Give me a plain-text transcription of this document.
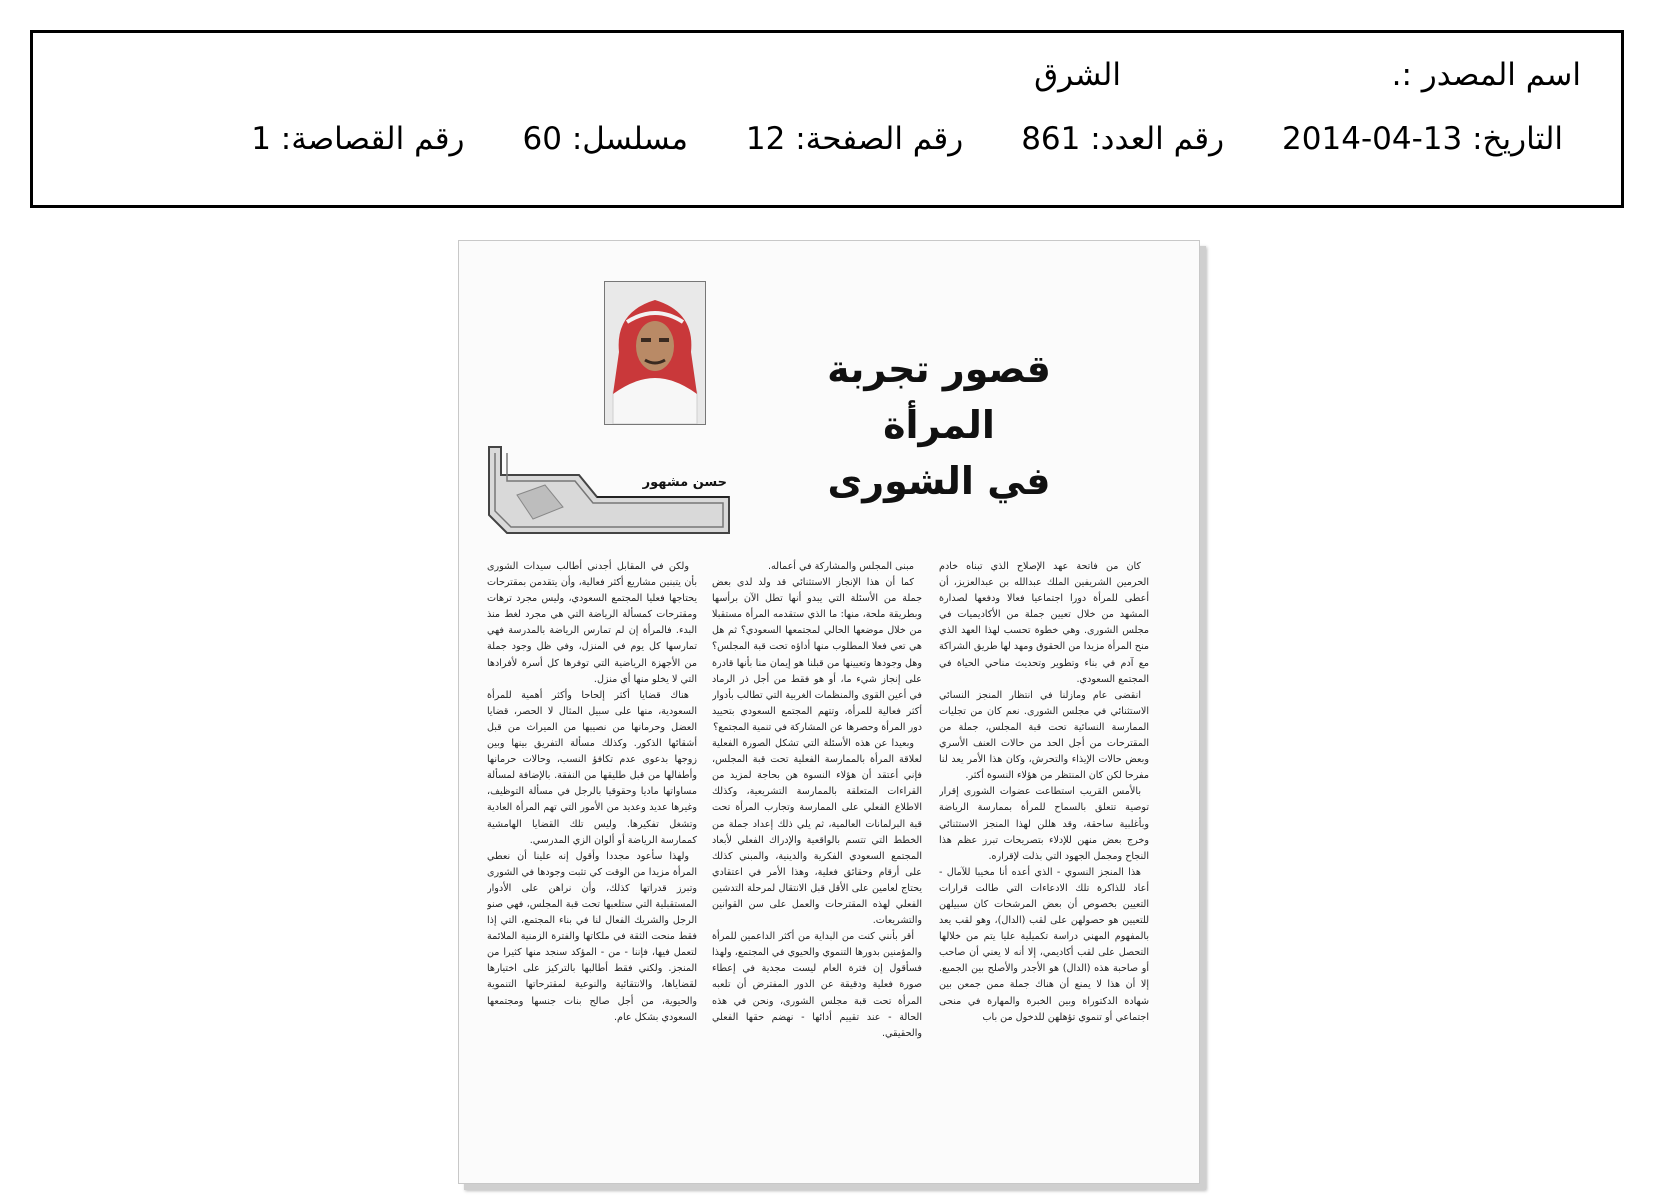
اسم المصدر :.
الشرق
التاريخ: 13-04-2014
رقم العدد: 861
رقم الصفحة: 12
مسلسل: 60
رقم القصاصة: 1
قصور تجربة المرأة
في الشورى
حسن مشهور

كان من فاتحة عهد الإصلاح الذي تبناه خادم الحرمين الشريفين الملك عبدالله بن عبدالعزيز، أن أعطى للمرأة دورا اجتماعيا فعالا ودفعها لصدارة المشهد من خلال تعيين جملة من الأكاديميات في مجلس الشورى. وهي خطوة تحسب لهذا العهد الذي منح المرأة مزيدا من الحقوق ومهد لها طريق الشراكة مع آدم في بناء وتطوير وتحديث مناحي الحياة في المجتمع السعودي.

انقضى عام ومازلنا في انتظار المنجز النسائي الاستثنائي في مجلس الشورى. نعم كان من تجليات الممارسة النسائية تحت قبة المجلس، جملة من المقترحات من أجل الحد من حالات العنف الأسري وبعض حالات الإيذاء والتحرش، وكان هذا الأمر يعد لنا مفرحا لكن كان المنتظر من هؤلاء النسوة أكثر.

بالأمس القريب استطاعت عضوات الشورى إقرار توصية تتعلق بالسماح للمرأة بممارسة الرياضة وبأغلبية ساحقة، وقد هللن لهذا المنجز الاستثنائي وخرج بعض منهن للإدلاء بتصريحات تبرز عظم هذا النجاح ومجمل الجهود التي بذلت لإقراره.

هذا المنجز النسوي - الذي أعده أنا مخيبا للآمال - أعاد للذاكرة تلك الادعاءات التي طالت قرارات التعيين بخصوص أن بعض المرشحات كان سبيلهن للتعيين هو حصولهن على لقب (الدال)، وهو لقب يعد بالمفهوم المهني دراسة تكميلية عليا يتم من خلالها التحصل على لقب أكاديمي، إلا أنه لا يعني أن صاحب أو صاحبة هذه (الدال) هو الأجدر والأصلح بين الجميع. إلا أن هذا لا يمنع أن هناك جملة ممن جمعن بين شهادة الدكتوراة وبين الخبرة والمهارة في منحى اجتماعي أو تنموي تؤهلهن للدخول من باب

مبنى المجلس والمشاركة في أعماله.

كما أن هذا الإنجاز الاستثنائي قد ولد لدى بعض جملة من الأسئلة التي يبدو أنها تطل الآن برأسها وبطريقة ملحة، منها: ما الذي ستقدمه المرأة مستقبلا من خلال موضعها الحالي لمجتمعها السعودي؟ ثم هل هي تعي فعلا المطلوب منها أداؤه تحت قبة المجلس؟ وهل وجودها وتعيينها من قبلنا هو إيمان منا بأنها قادرة على إنجاز شيء ما، أو هو فقط من أجل ذر الرماد في أعين القوى والمنظمات الغربية التي تطالب بأدوار أكثر فعالية للمرأة، وتتهم المجتمع السعودي بتحييد دور المرأة وحصرها عن المشاركة في تنمية المجتمع؟

وبعيدا عن هذه الأسئلة التي تشكل الصورة الفعلية لعلاقة المرأة بالممارسة الفعلية تحت قبة المجلس، فإني أعتقد أن هؤلاء النسوة هن بحاجة لمزيد من القراءات المتعلقة بالممارسة التشريعية، وكذلك الاطلاع الفعلي على الممارسة وتجارب المرأة تحت قبة البرلمانات العالمية، ثم يلي ذلك إعداد جملة من الخطط التي تتسم بالواقعية والإدراك الفعلي لأبعاد المجتمع السعودي الفكرية والدينية، والمبني كذلك على أرقام وحقائق فعلية، وهذا الأمر في اعتقادي يحتاج لعامين على الأقل قبل الانتقال لمرحلة التدشين الفعلي لهذه المقترحات والعمل على سن القوانين والتشريعات.

أقر بأنني كنت من البداية من أكثر الداعمين للمرأة والمؤمنين بدورها التنموي والحيوي في المجتمع، ولهذا فسأقول إن فترة العام ليست مجدية في إعطاء صورة فعلية ودقيقة عن الدور المفترض أن تلعبه المرأة تحت قبة مجلس الشورى، ونحن في هذه الحالة - عند تقييم أدائها - نهضم حقها الفعلي والحقيقي.

ولكن في المقابل أجدني أطالب سيدات الشورى بأن يتبنين مشاريع أكثر فعالية، وأن يتقدمن بمقترحات يحتاجها فعليا المجتمع السعودي، وليس مجرد ترهات ومقترحات كمسألة الرياضة التي هي مجرد لغط منذ البدء. فالمرأة إن لم تمارس الرياضة بالمدرسة فهي تمارسها كل يوم في المنزل، وفي ظل وجود جملة من الأجهزة الرياضية التي توفرها كل أسرة لأفرادها التي لا يخلو منها أي منزل.

هناك قضايا أكثر إلحاحا وأكثر أهمية للمرأة السعودية، منها على سبيل المثال لا الحصر، قضايا العضل وحرمانها من نصيبها من الميراث من قبل أشقائها الذكور. وكذلك مسألة التفريق بينها وبين زوجها بدعوى عدم تكافؤ النسب، وحالات حرمانها وأطفالها من قبل طليقها من النفقة. بالإضافة لمسألة مساواتها ماديا وحقوقيا بالرجل في مسألة التوظيف، وغيرها عديد وعديد من الأمور التي تهم المرأة العادية وتشغل تفكيرها. وليس تلك القضايا الهامشية كممارسة الرياضة أو ألوان الزي المدرسي.

ولهذا سأعود مجددا وأقول إنه علينا أن نعطي المرأة مزيدا من الوقت كي تثبت وجودها في الشورى وتبرز قدراتها كذلك، وأن نراهن على الأدوار المستقبلية التي ستلعبها تحت قبة المجلس، فهي صنو الرجل والشريك الفعال لنا في بناء المجتمع، التي إذا فقط منحت الثقة في ملكاتها والفترة الزمنية الملائمة لتعمل فيها، فإننا - من - المؤكد سنجد منها كثيرا من المنجز. ولكني فقط أطالبها بالتركيز على اختيارها لقضاياها، والانتقائية والنوعية لمقترحاتها التنموية والحيوية، من أجل صالح بنات جنسها ومجتمعها السعودي بشكل عام.
